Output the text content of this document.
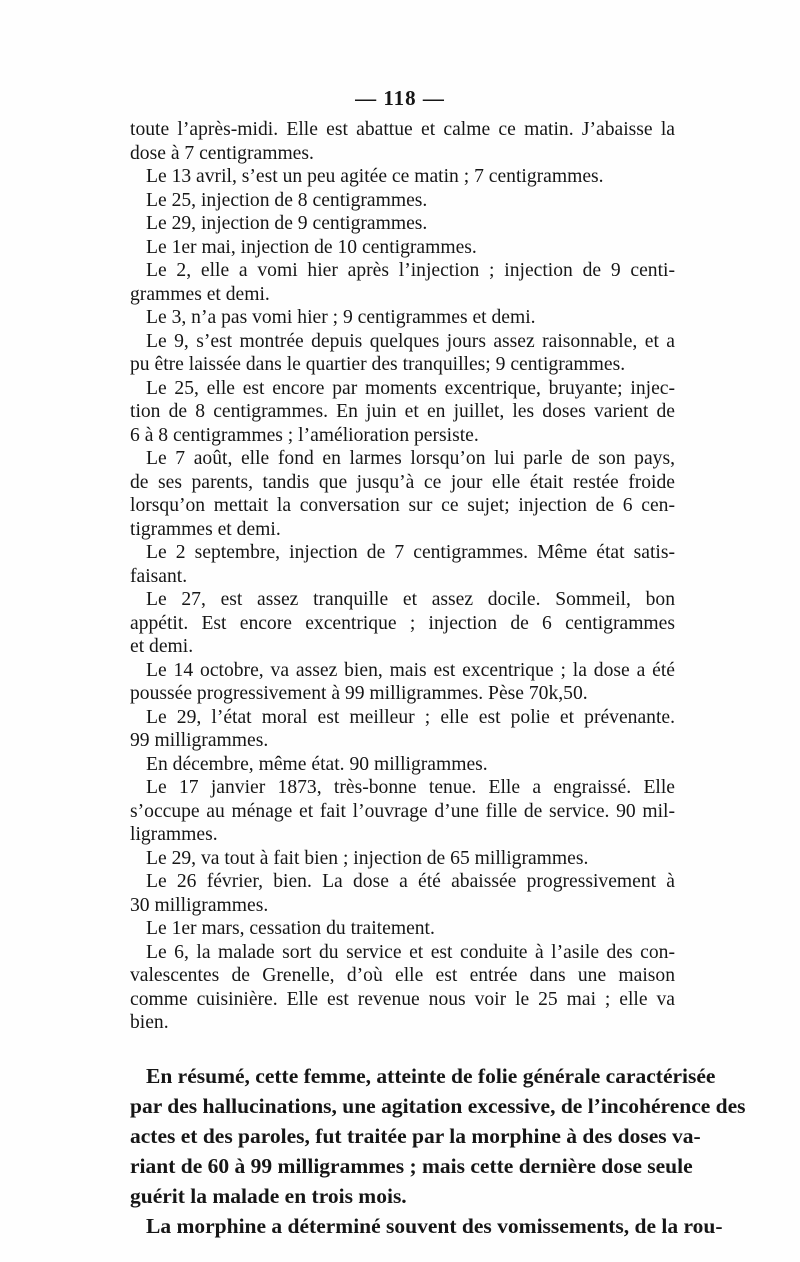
— 118 —
toute l’après-midi. Elle est abattue et calme ce matin. J’abaisse la
dose à 7 centigrammes.
Le 13 avril, s’est un peu agitée ce matin ; 7 centigrammes.
Le 25, injection de 8 centigrammes.
Le 29, injection de 9 centigrammes.
Le 1er mai, injection de 10 centigrammes.
Le 2, elle a vomi hier après l’injection ; injection de 9 centi-
grammes et demi.
Le 3, n’a pas vomi hier ; 9 centigrammes et demi.
Le 9, s’est montrée depuis quelques jours assez raisonnable, et a
pu être laissée dans le quartier des tranquilles; 9 centigrammes.
Le 25, elle est encore par moments excentrique, bruyante; injec-
tion de 8 centigrammes. En juin et en juillet, les doses varient de
6 à 8 centigrammes ; l’amélioration persiste.
Le 7 août, elle fond en larmes lorsqu’on lui parle de son pays,
de ses parents, tandis que jusqu’à ce jour elle était restée froide
lorsqu’on mettait la conversation sur ce sujet; injection de 6 cen-
tigrammes et demi.
Le 2 septembre, injection de 7 centigrammes. Même état satis-
faisant.
Le 27, est assez tranquille et assez docile. Sommeil, bon
appétit. Est encore excentrique ; injection de 6 centigrammes
et demi.
Le 14 octobre, va assez bien, mais est excentrique ; la dose a été
poussée progressivement à 99 milligrammes. Pèse 70k,50.
Le 29, l’état moral est meilleur ; elle est polie et prévenante.
99 milligrammes.
En décembre, même état. 90 milligrammes.
Le 17 janvier 1873, très-bonne tenue. Elle a engraissé. Elle
s’occupe au ménage et fait l’ouvrage d’une fille de service. 90 mil-
ligrammes.
Le 29, va tout à fait bien ; injection de 65 milligrammes.
Le 26 février, bien. La dose a été abaissée progressivement à
30 milligrammes.
Le 1er mars, cessation du traitement.
Le 6, la malade sort du service et est conduite à l’asile des con-
valescentes de Grenelle, d’où elle est entrée dans une maison
comme cuisinière. Elle est revenue nous voir le 25 mai ; elle va
bien.
En résumé, cette femme, atteinte de folie générale caractérisée
par des hallucinations, une agitation excessive, de l’incohérence des
actes et des paroles, fut traitée par la morphine à des doses va-
riant de 60 à 99 milligrammes ; mais cette dernière dose seule
guérit la malade en trois mois.
La morphine a déterminé souvent des vomissements, de la rou-
